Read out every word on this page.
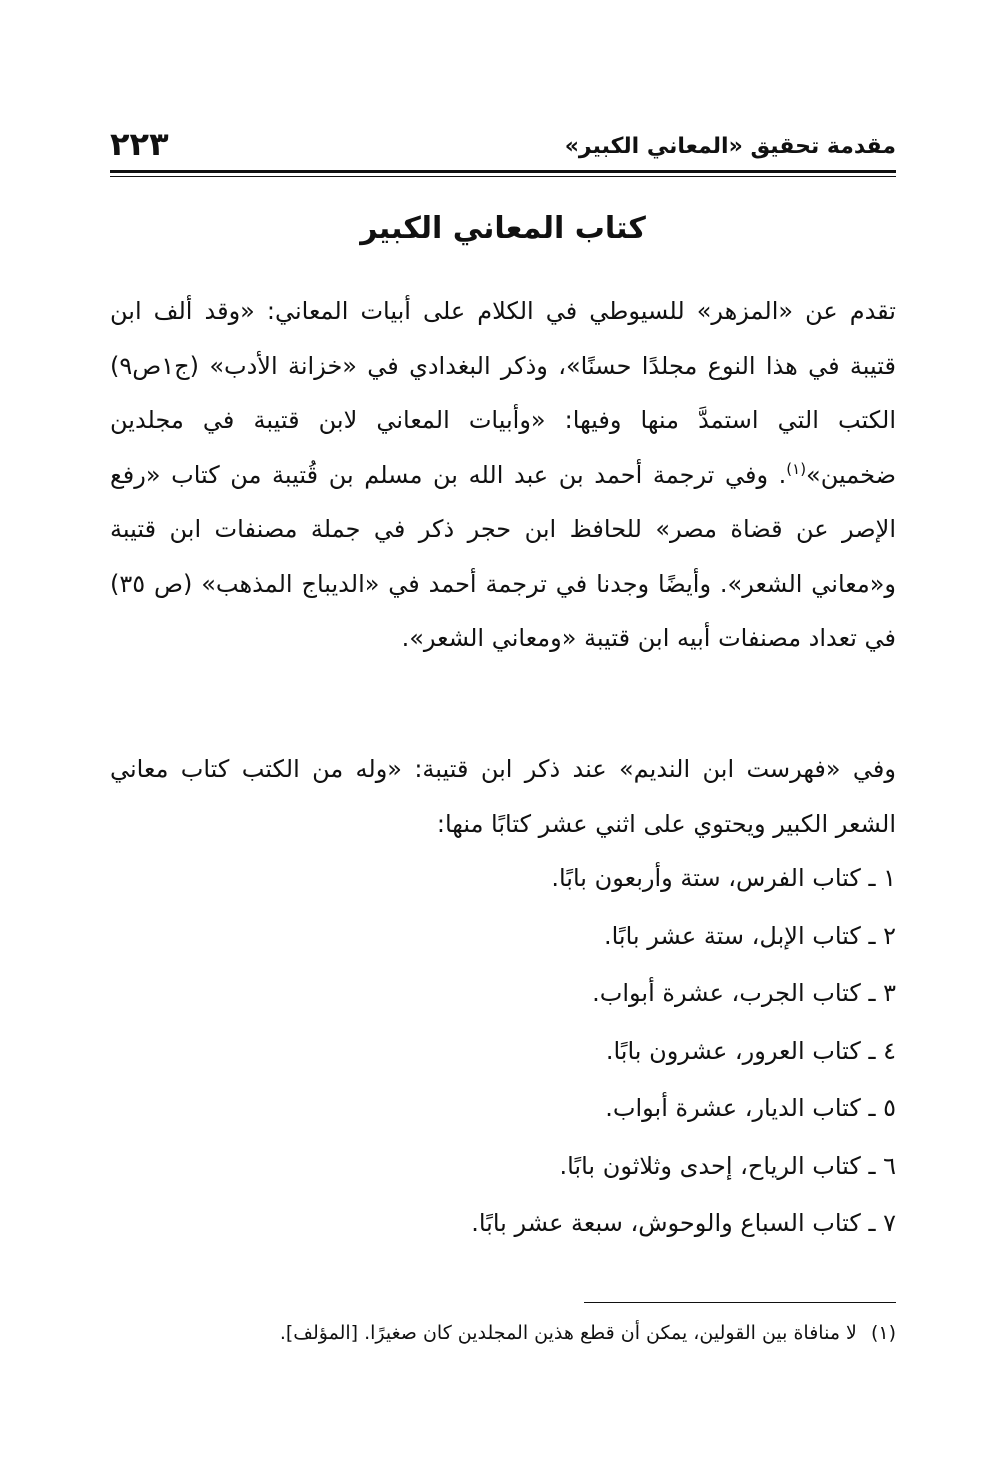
مقدمة تحقيق «المعاني الكبير»
٢٢٣
كتاب المعاني الكبير

تقدم عن «المزهر» للسيوطي في الكلام على أبيات المعاني: «وقد ألف ابن قتيبة في هذا النوع مجلدًا حسنًا»، وذكر البغدادي في «خزانة الأدب» (ج١ص٩) الكتب التي استمدَّ منها وفيها: «وأبيات المعاني لابن قتيبة في مجلدين ضخمين»$^{(١)}$. وفي ترجمة أحمد بن عبد الله بن مسلم بن قُتيبة من كتاب «رفع الإصر عن قضاة مصر» للحافظ ابن حجر ذكر في جملة مصنفات ابن قتيبة و«معاني الشعر». وأيضًا وجدنا في ترجمة أحمد في «الديباج المذهب» (ص ٣٥) في تعداد مصنفات أبيه ابن قتيبة «ومعاني الشعر».

وفي «فهرست ابن النديم» عند ذكر ابن قتيبة: «وله من الكتب كتاب معاني الشعر الكبير ويحتوي على اثني عشر كتابًا منها:

١ ـ كتاب الفرس، ستة وأربعون بابًا.
٢ ـ كتاب الإبل، ستة عشر بابًا.
٣ ـ كتاب الجرب، عشرة أبواب.
٤ ـ كتاب العرور، عشرون بابًا.
٥ ـ كتاب الديار، عشرة أبواب.
٦ ـ كتاب الرياح، إحدى وثلاثون بابًا.
٧ ـ كتاب السباع والوحوش، سبعة عشر بابًا.
(١) لا منافاة بين القولين، يمكن أن قطع هذين المجلدين كان صغيرًا. [المؤلف].
